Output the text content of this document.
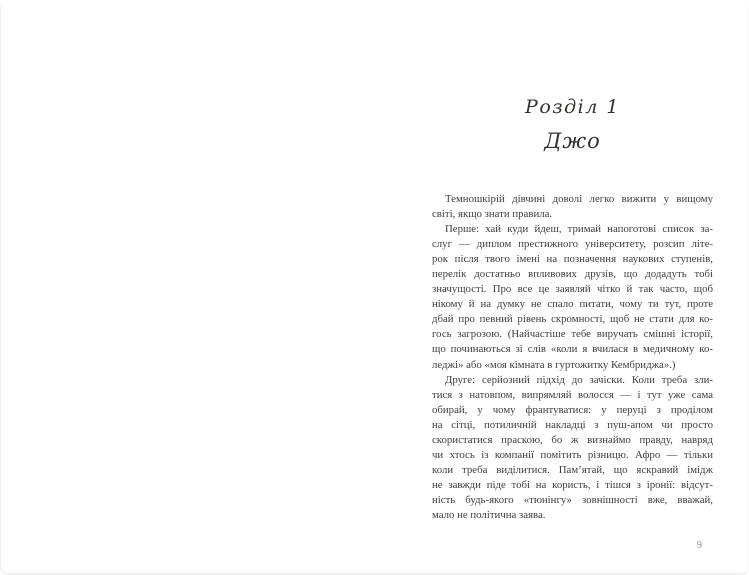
Розділ 1
Джо
Темношкірій дівчині доволі легко вижити у вищому
світі, якщо знати правила.
Перше: хай куди йдеш, тримай напоготові список за-
слуг — диплом престижного університету, розсип літе-
рок після твого імені на позначення наукових ступенів,
перелік достатньо впливових друзів, що додадуть тобі
значущості. Про все це заявляй чітко й так часто, щоб
нікому й на думку не спало питати, чому ти тут, проте
дбай про певний рівень скромності, щоб не стати для ко-
гось загрозою. (Найчастіше тебе виручать смішні історії,
що починаються зі слів «коли я вчилася в медичному ко-
леджі» або «моя кімната в гуртожитку Кембриджа».)
Друге: серйозний підхід до зачіски. Коли треба зли-
тися з натовпом, випрямляй волосся — і тут уже сама
обирай, у чому франтуватися: у перуці з проділом
на сітці, потиличній накладці з пуш-апом чи просто
скористатися праскою, бо ж визнаймо правду, навряд
чи хтось із компанії помітить різницю. Афро — тільки
коли треба виділитися. Пам’ятай, що яскравий імідж
не завжди піде тобі на користь, і тішся з іронії: відсут-
ність будь-якого «тюнінгу» зовнішності вже, вважай,
мало не політична заява.
9
